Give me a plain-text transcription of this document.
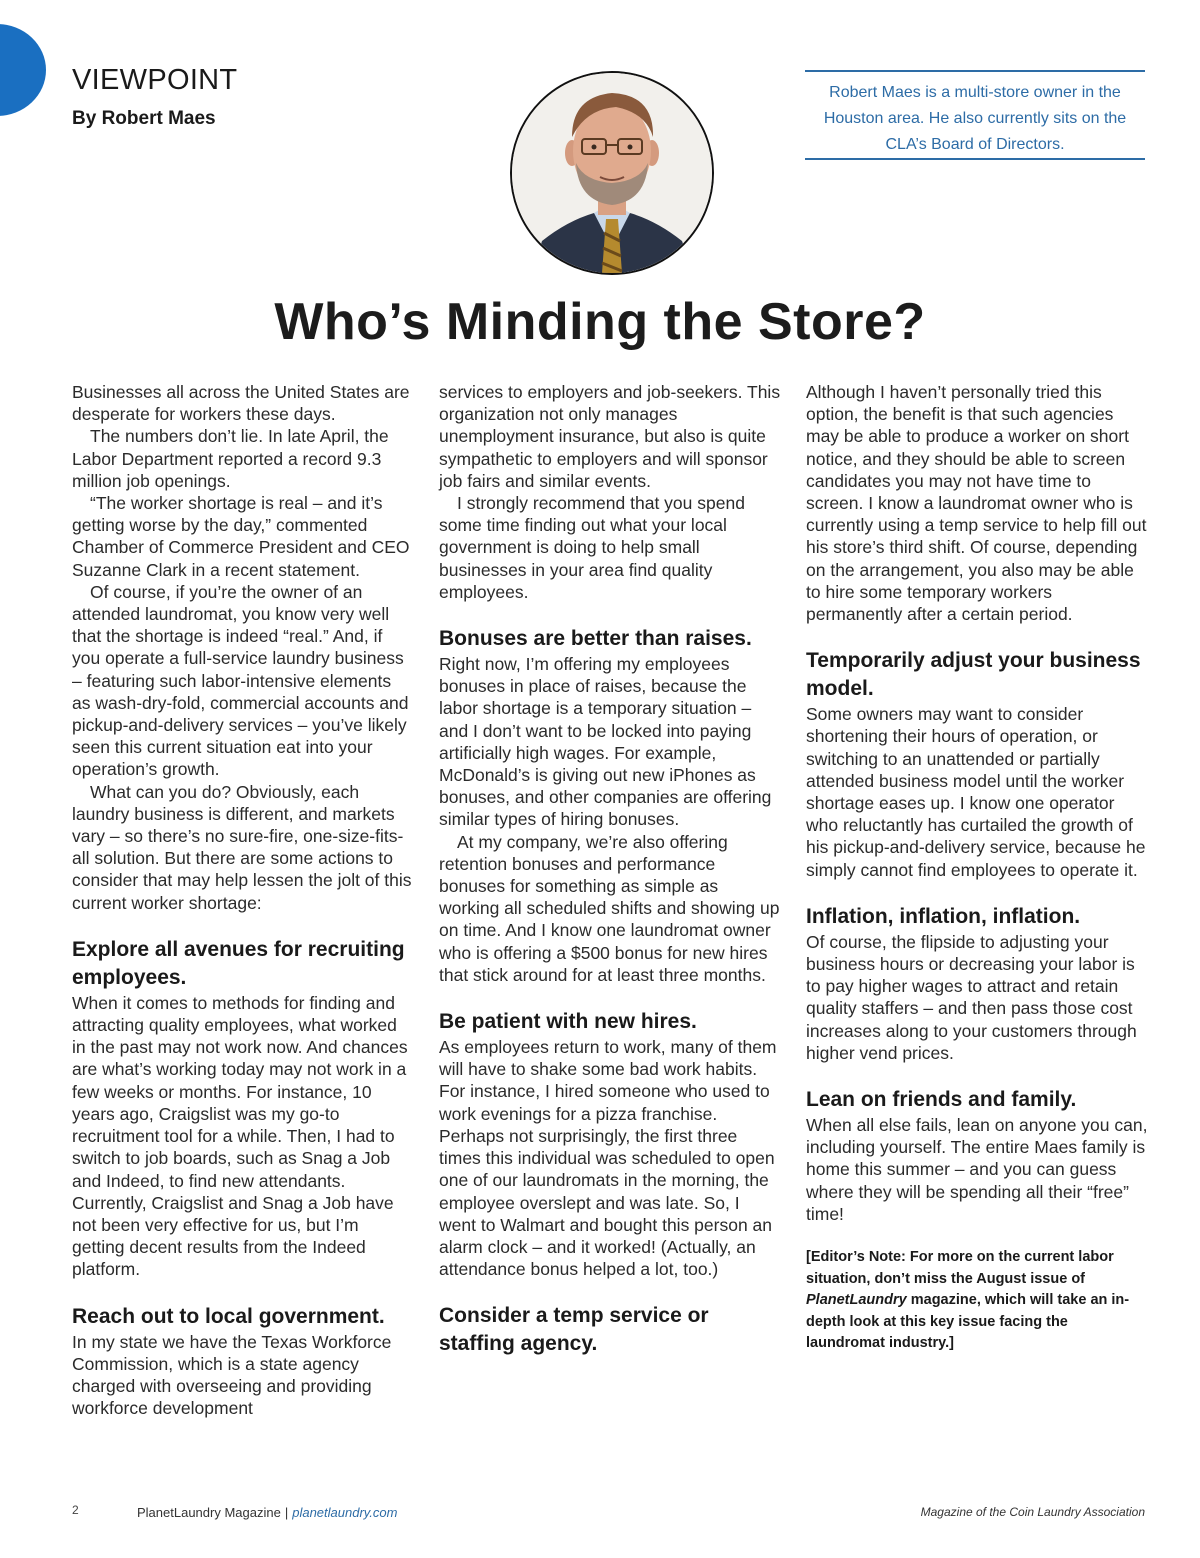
VIEWPOINT

By Robert Maes

Robert Maes is a multi-store owner in the Houston area. He also currently sits on the CLA’s Board of Directors.
Who’s Minding the Store?

Businesses all across the United States are desperate for workers these days.

The numbers don’t lie. In late April, the Labor Department reported a record 9.3 million job openings.

“The worker shortage is real – and it’s getting worse by the day,” commented Chamber of Commerce President and CEO Suzanne Clark in a recent statement.

Of course, if you’re the owner of an attended laundromat, you know very well that the shortage is indeed “real.” And, if you operate a full-service laundry business – featuring such labor-intensive elements as wash-dry-fold, commercial accounts and pickup-and-delivery services – you’ve likely seen this current situation eat into your operation’s growth.

What can you do? Obviously, each laundry business is different, and markets vary – so there’s no sure-fire, one-size-fits-all solution. But there are some actions to consider that may help lessen the jolt of this current worker shortage:

Explore all avenues for recruiting employees.

When it comes to methods for finding and attracting quality employees, what worked in the past may not work now. And chances are what’s working today may not work in a few weeks or months. For instance, 10 years ago, Craigslist was my go-to recruitment tool for a while. Then, I had to switch to job boards, such as Snag a Job and Indeed, to find new attendants. Currently, Craigslist and Snag a Job have not been very effective for us, but I’m getting decent results from the Indeed platform.

Reach out to local government.

In my state we have the Texas Workforce Commission, which is a state agency charged with overseeing and providing workforce development

services to employers and job-seekers. This organization not only manages unemployment insurance, but also is quite sympathetic to employers and will sponsor job fairs and similar events.

I strongly recommend that you spend some time finding out what your local government is doing to help small businesses in your area find quality employees.

Bonuses are better than raises.

Right now, I’m offering my employees bonuses in place of raises, because the labor shortage is a temporary situation – and I don’t want to be locked into paying artificially high wages. For example, McDonald’s is giving out new iPhones as bonuses, and other companies are offering similar types of hiring bonuses.

At my company, we’re also offering retention bonuses and performance bonuses for something as simple as working all scheduled shifts and showing up on time. And I know one laundromat owner who is offering a $500 bonus for new hires that stick around for at least three months.

Be patient with new hires.

As employees return to work, many of them will have to shake some bad work habits. For instance, I hired someone who used to work evenings for a pizza franchise. Perhaps not surprisingly, the first three times this individual was scheduled to open one of our laundromats in the morning, the employee overslept and was late. So, I went to Walmart and bought this person an alarm clock – and it worked! (Actually, an attendance bonus helped a lot, too.)

Consider a temp service or staffing agency.

Although I haven’t personally tried this option, the benefit is that such agencies may be able to produce a worker on short notice, and they should be able to screen candidates you may not have time to screen. I know a laundromat owner who is currently using a temp service to help fill out his store’s third shift. Of course, depending on the arrangement, you also may be able to hire some temporary workers permanently after a certain period.

Temporarily adjust your business model.

Some owners may want to consider shortening their hours of operation, or switching to an unattended or partially attended business model until the worker shortage eases up. I know one operator who reluctantly has curtailed the growth of his pickup-and-delivery service, because he simply cannot find employees to operate it.

Inflation, inflation, inflation.

Of course, the flipside to adjusting your business hours or decreasing your labor is to pay higher wages to attract and retain quality staffers – and then pass those cost increases along to your customers through higher vend prices.

Lean on friends and family.

When all else fails, lean on anyone you can, including yourself. The entire Maes family is home this summer – and you can guess where they will be spending all their “free” time!

[Editor’s Note: For more on the current labor situation, don’t miss the August issue of PlanetLaundry magazine, which will take an in-depth look at this key issue facing the laundromat industry.]

2	PlanetLaundry Magazine | planetlaundry.com	Magazine of the Coin Laundry Association
